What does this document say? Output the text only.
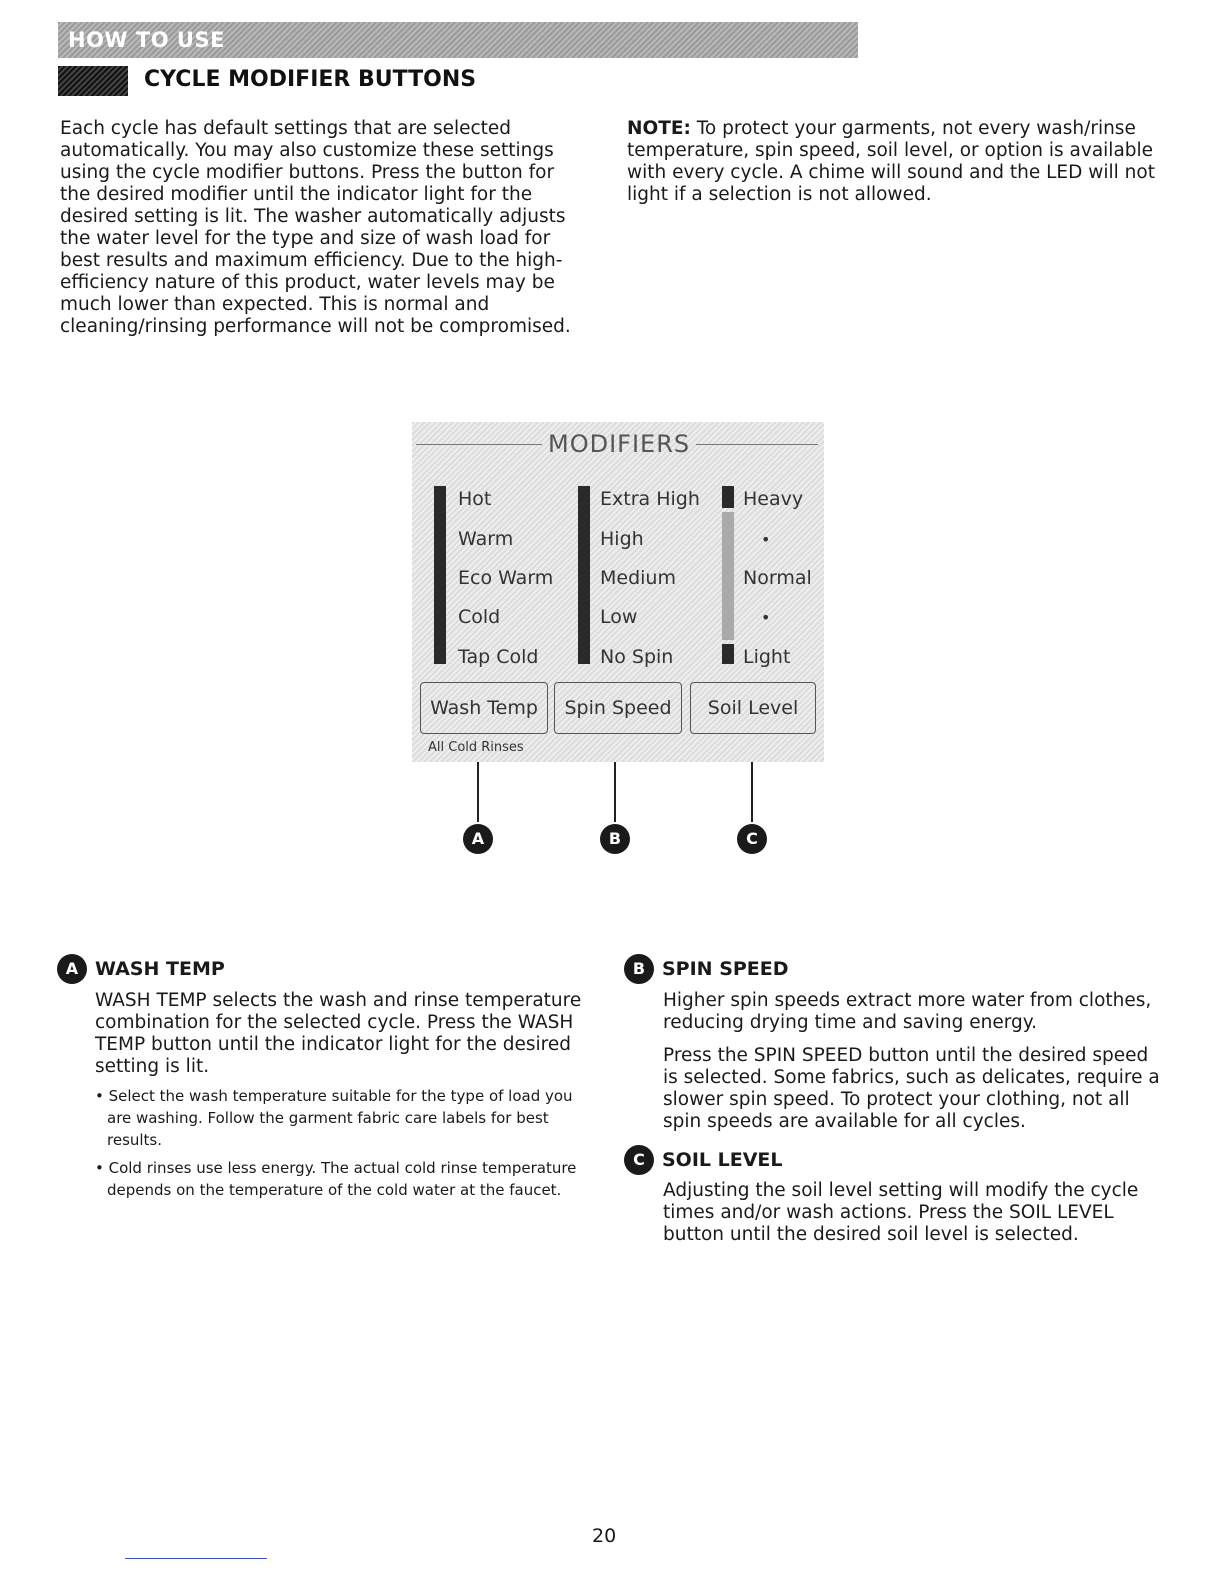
HOW TO USE
CYCLE MODIFIER BUTTONS

Each cycle has default settings that are selected automatically. You may also customize these settings using the cycle modifier buttons. Press the button for the desired modifier until the indicator light for the desired setting is lit. The washer automatically adjusts the water level for the type and size of wash load for best results and maximum efficiency. Due to the high-efficiency nature of this product, water levels may be much lower than expected. This is normal and cleaning/rinsing performance will not be compromised.

NOTE: To protect your garments, not every wash/rinse temperature, spin speed, soil level, or option is available with every cycle. A chime will sound and the LED will not light if a selection is not allowed.

MODIFIERS
Hot
Warm
Eco Warm
Cold
Tap Cold
Extra High
High
Medium
Low
No Spin
Heavy
•
Normal
•
Light
Wash Temp	Spin Speed	Soil Level
All Cold Rinses
A	B	C
A WASH TEMP

WASH TEMP selects the wash and rinse temperature combination for the selected cycle. Press the WASH TEMP button until the indicator light for the desired setting is lit.

• Select the wash temperature suitable for the type of load you are washing. Follow the garment fabric care labels for best results.

• Cold rinses use less energy. The actual cold rinse temperature depends on the temperature of the cold water at the faucet.

B SPIN SPEED

Higher spin speeds extract more water from clothes, reducing drying time and saving energy.

Press the SPIN SPEED button until the desired speed is selected. Some fabrics, such as delicates, require a slower spin speed. To protect your clothing, not all spin speeds are available for all cycles.

C SOIL LEVEL

Adjusting the soil level setting will modify the cycle times and/or wash actions. Press the SOIL LEVEL button until the desired soil level is selected.

20
